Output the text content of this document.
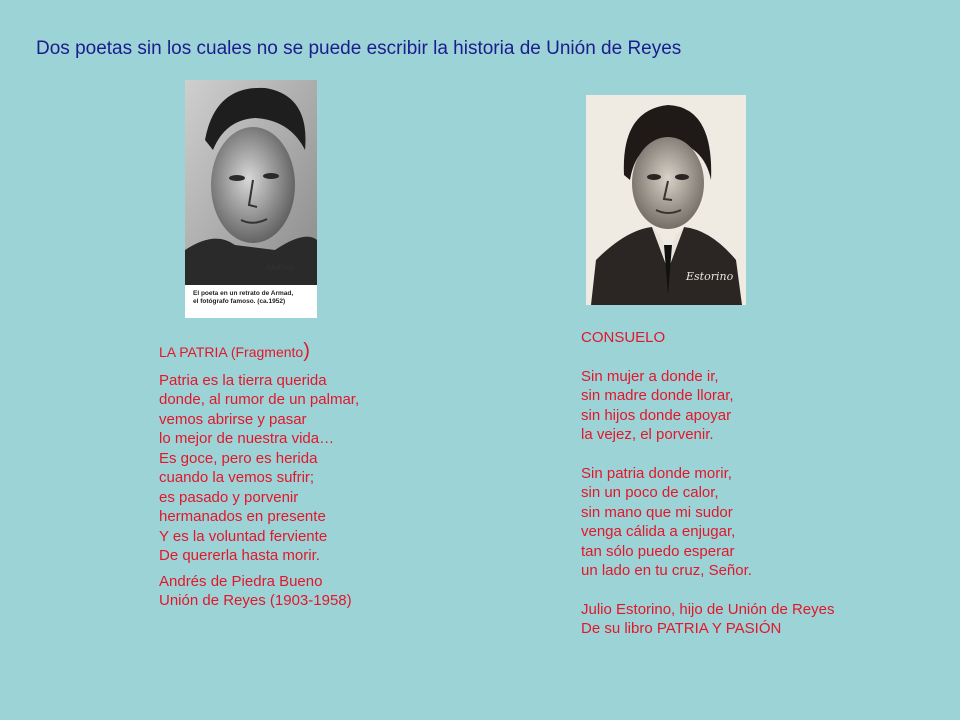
Dos poetas sin los cuales no se puede escribir la historia de Unión de Reyes
Andrés
El poeta en un retrato de Armad,
el fotógrafo famoso. (ca.1952)
Estorino
LA PATRIA (Fragmento)
Patria es la tierra querida
donde, al rumor de un palmar,
vemos abrirse y pasar
lo mejor de nuestra vida…
Es goce, pero es herida
cuando la vemos sufrir;
es pasado y porvenir
hermanados en presente
Y es la voluntad ferviente
De quererla hasta morir.
Andrés de Piedra Bueno
Unión de Reyes (1903-1958)
CONSUELO
Sin mujer a donde ir,
sin madre donde llorar,
sin hijos donde apoyar
la vejez, el porvenir.
Sin patria donde morir,
sin un poco de calor,
sin mano que mi sudor
venga cálida a enjugar,
tan sólo puedo esperar
un lado en tu cruz, Señor.
Julio Estorino, hijo de Unión de Reyes
De su libro PATRIA Y PASIÓN
